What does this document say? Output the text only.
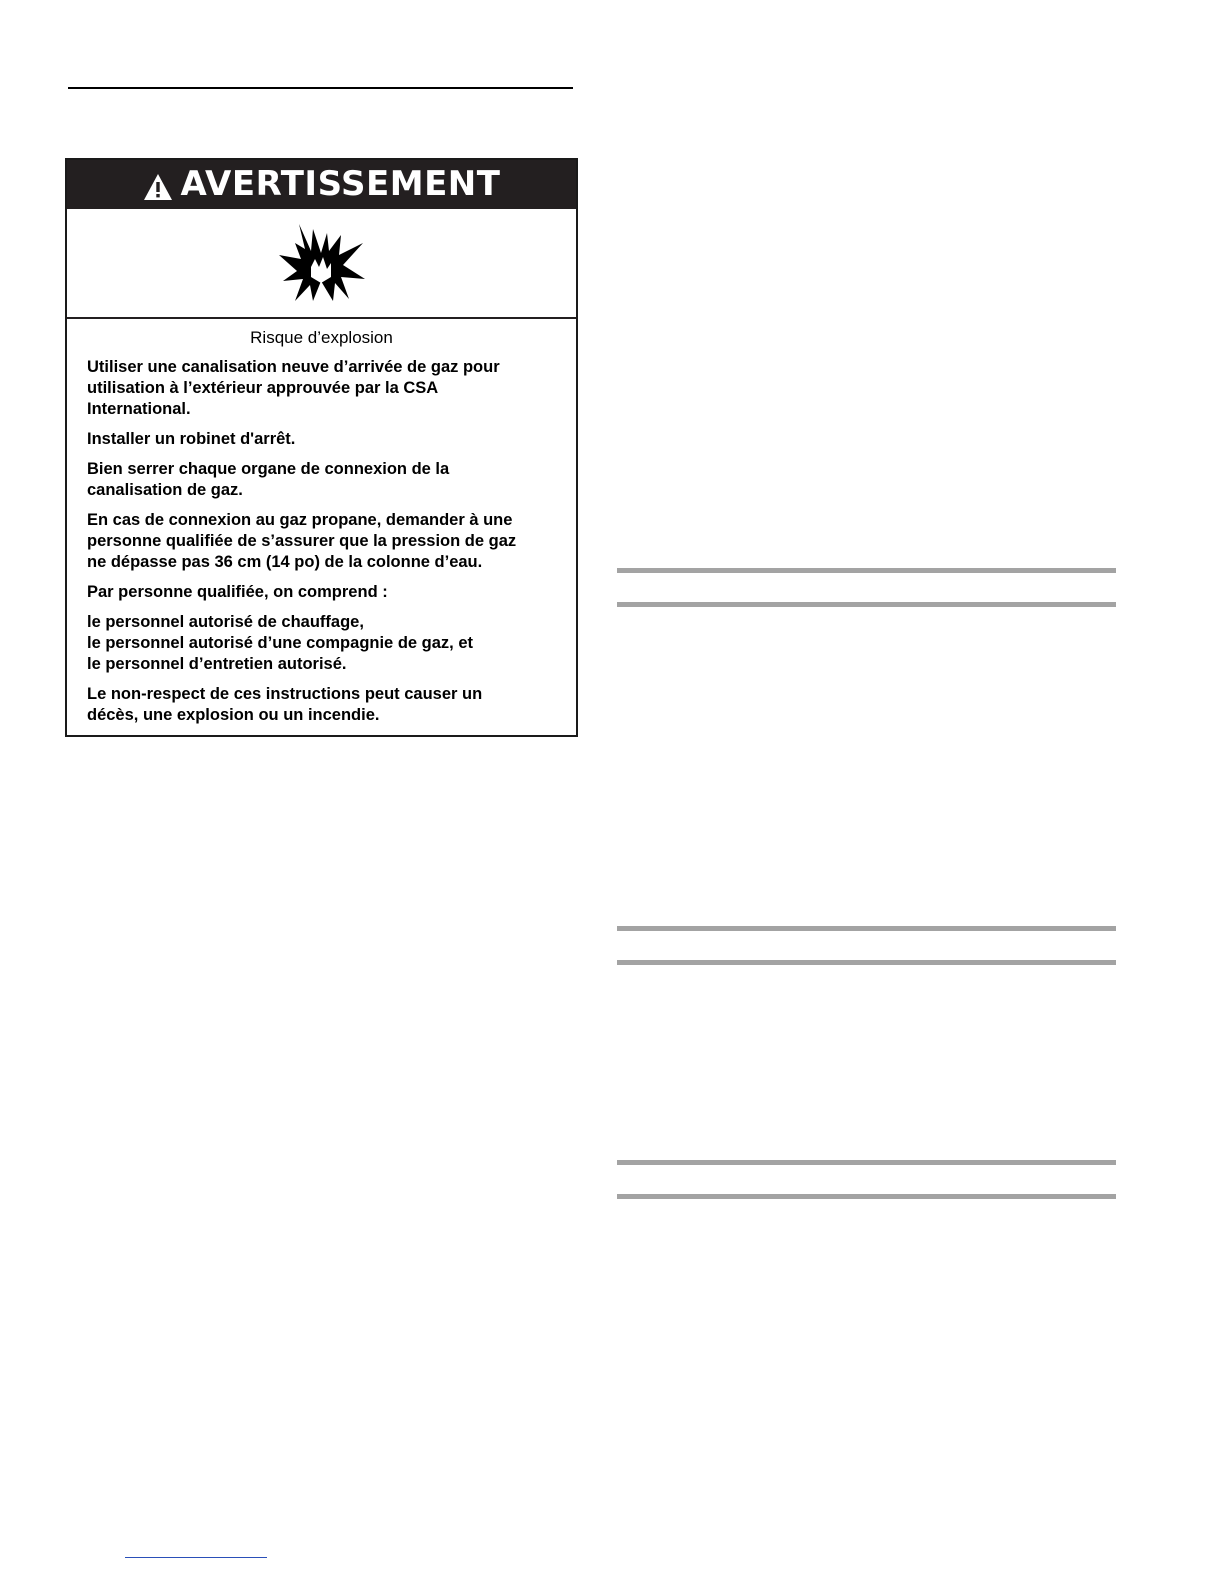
AVERTISSEMENT

Risque d’explosion

Utiliser une canalisation neuve d’arrivée de gaz pour
utilisation à l’extérieur approuvée par la CSA
International.

Installer un robinet d'arrêt.

Bien serrer chaque organe de connexion de la
canalisation de gaz.

En cas de connexion au gaz propane, demander à une
personne qualifiée de s’assurer que la pression de gaz
ne dépasse pas 36 cm (14 po) de la colonne d’eau.

Par personne qualifiée, on comprend :

le personnel autorisé de chauffage,
le personnel autorisé d’une compagnie de gaz, et
le personnel d’entretien autorisé.

Le non-respect de ces instructions peut causer un
décès, une explosion ou un incendie.
